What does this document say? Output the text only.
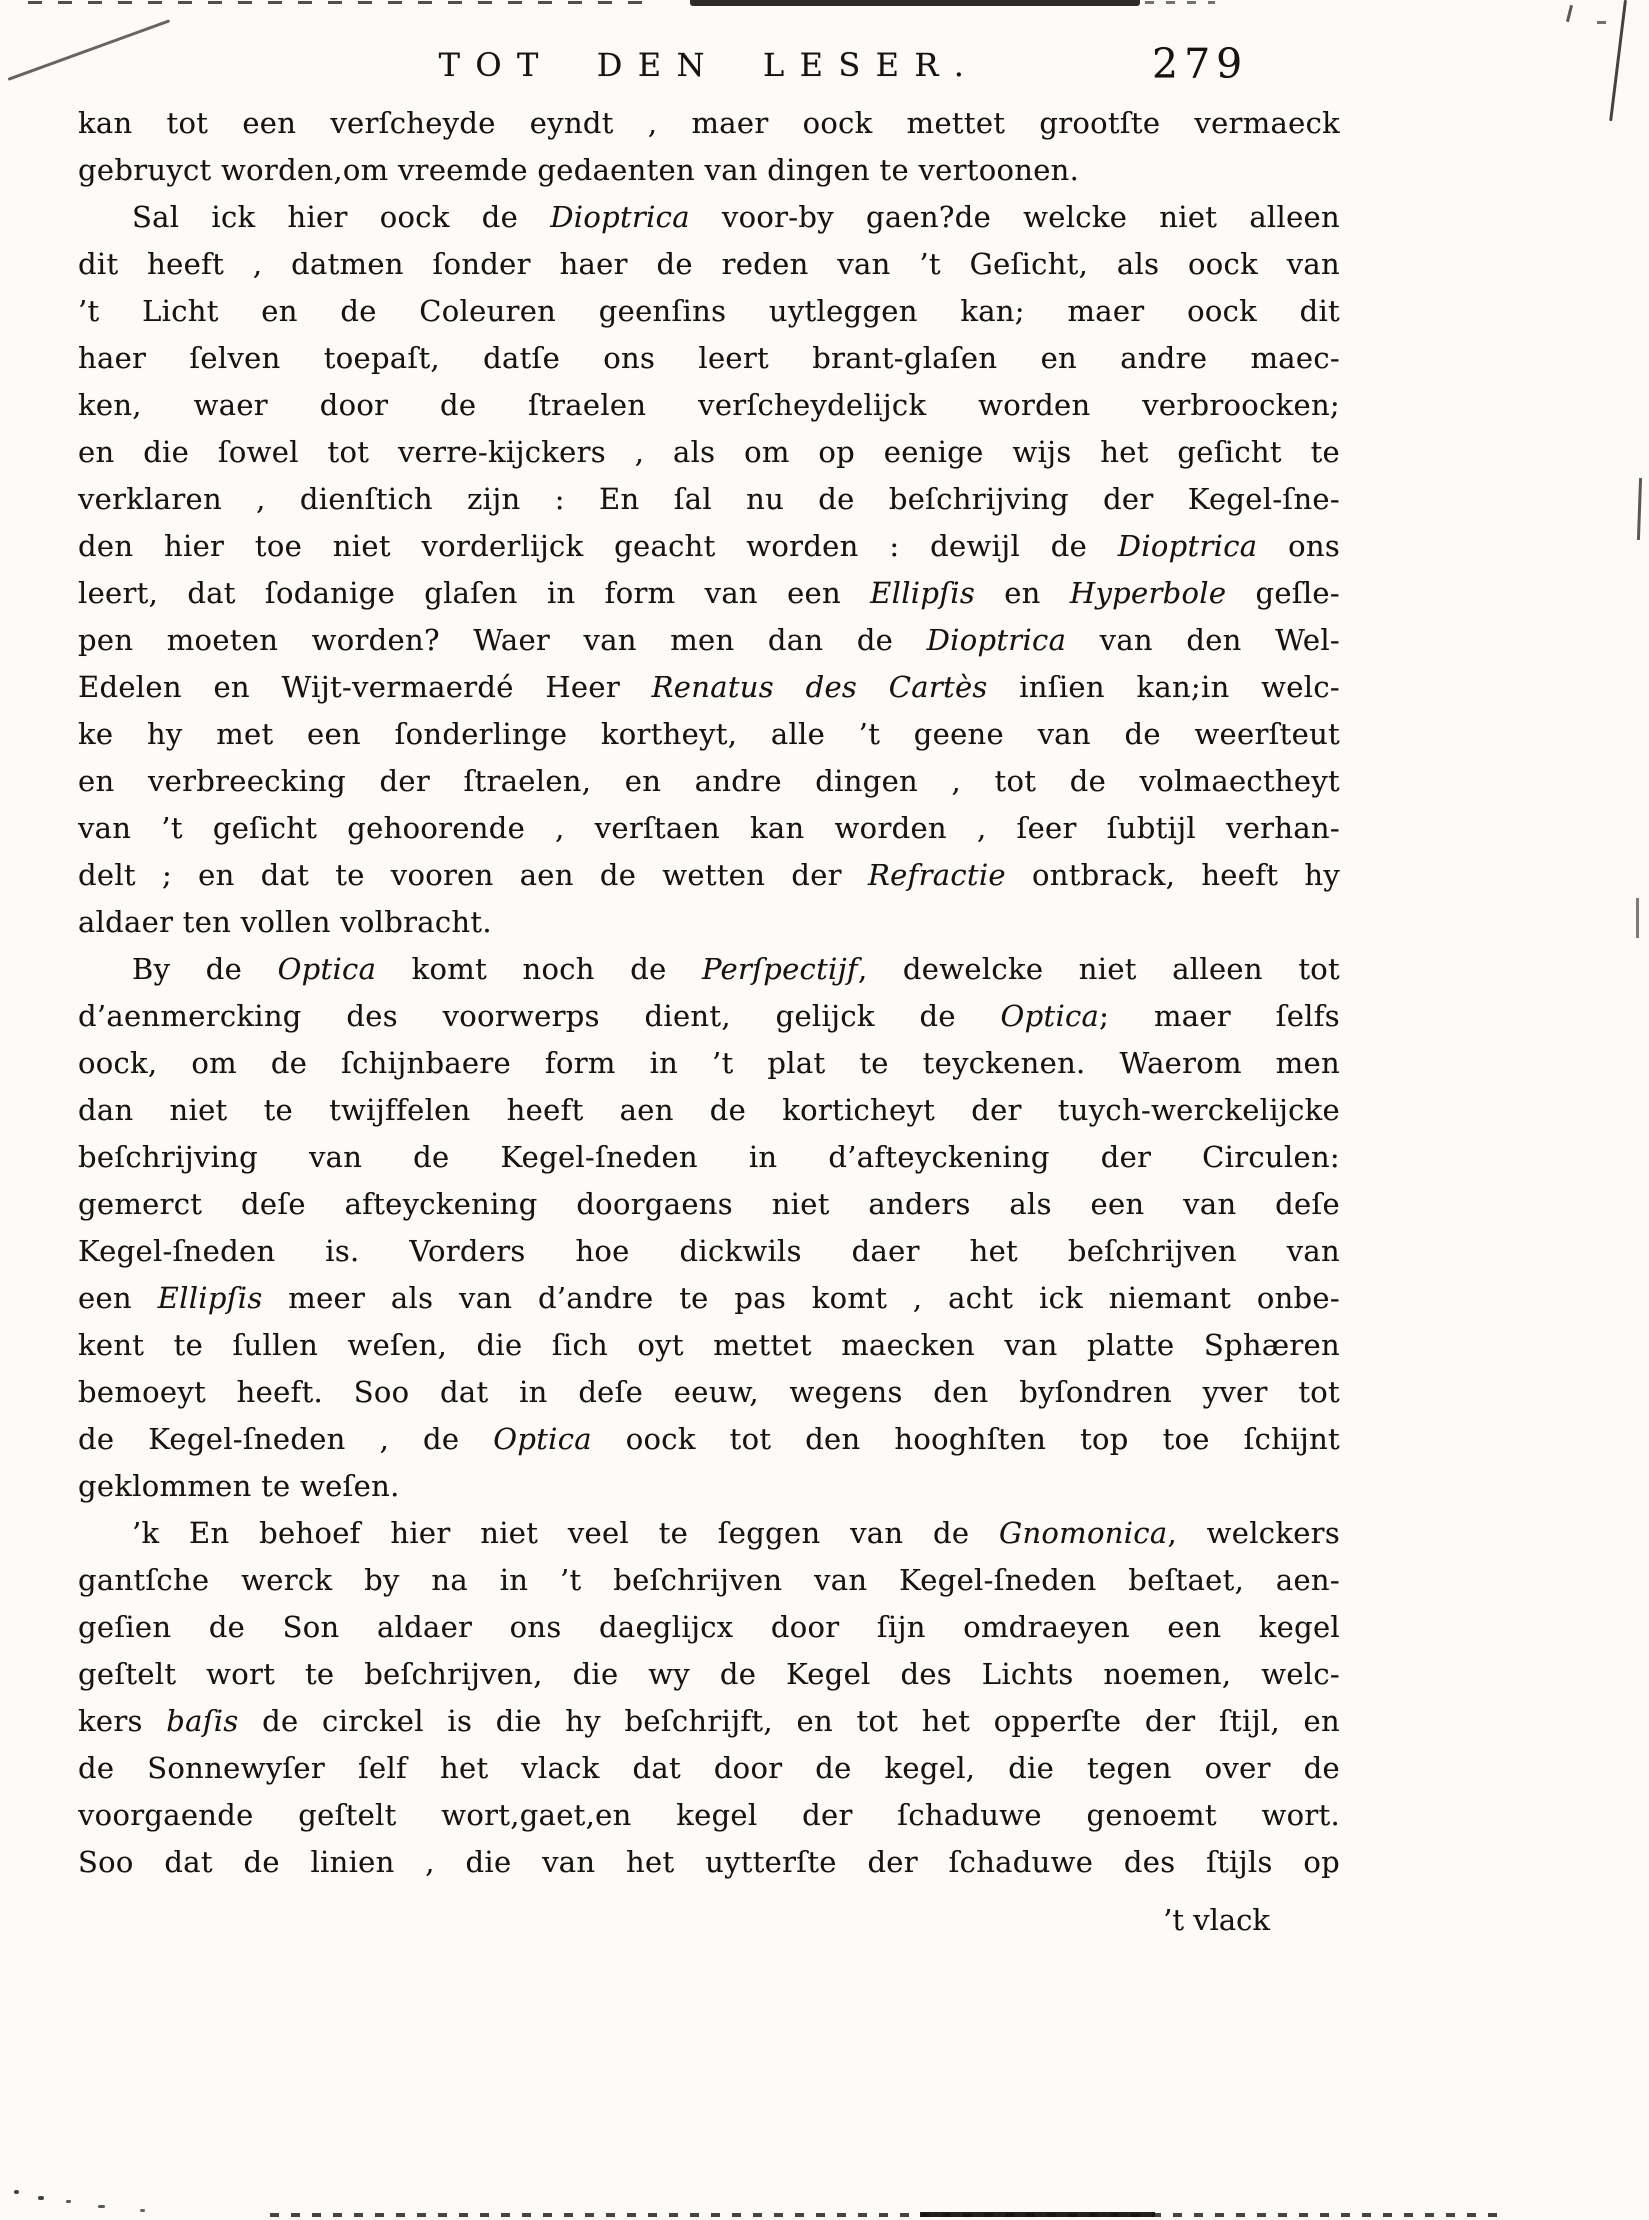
TOT DEN LESER.	279
kan tot een verſcheyde eyndt , maer oock mettet grootſte vermaeck
gebruyct worden,om vreemde gedaenten van dingen te vertoonen.
Sal ick hier oock de Dioptrica voor-by gaen?de welcke niet alleen
dit heeft , datmen ſonder haer de reden van ’t Geſicht, als oock van
’t Licht en de Coleuren geenſins uytleggen kan; maer oock dit
haer ſelven toepaſt, datſe ons leert brant-glaſen en andre maec-
ken, waer door de ſtraelen verſcheydelijck worden verbroocken;
en die ſowel tot verre-kijckers , als om op eenige wijs het geſicht te
verklaren , dienſtich zijn : En ſal nu de beſchrijving der Kegel-ſne-
den hier toe niet vorderlijck geacht worden : dewijl de Dioptrica ons
leert, dat ſodanige glaſen in form van een Ellipſis en Hyperbole geſle-
pen moeten worden? Waer van men dan de Dioptrica van den Wel-
Edelen en Wijt-vermaerdé Heer Renatus des Cartès inſien kan;in welc-
ke hy met een ſonderlinge kortheyt, alle ’t geene van de weerſteut
en verbreecking der ſtraelen, en andre dingen , tot de volmaectheyt
van ’t geſicht gehoorende , verſtaen kan worden , ſeer ſubtijl verhan-
delt ; en dat te vooren aen de wetten der Refractie ontbrack, heeft hy
aldaer ten vollen volbracht.
By de Optica komt noch de Perſpectijf, dewelcke niet alleen tot
d’aenmercking des voorwerps dient, gelijck de Optica; maer ſelfs
oock, om de ſchijnbaere form in ’t plat te teyckenen. Waerom men
dan niet te twijffelen heeft aen de korticheyt der tuych-werckelijcke
beſchrijving van de Kegel-ſneden in d’afteyckening der Circulen:
gemerct deſe afteyckening doorgaens niet anders als een van deſe
Kegel-ſneden is. Vorders hoe dickwils daer het beſchrijven van
een Ellipſis meer als van d’andre te pas komt , acht ick niemant onbe-
kent te ſullen weſen, die ſich oyt mettet maecken van platte Sphæren
bemoeyt heeft. Soo dat in deſe eeuw, wegens den byſondren yver tot
de Kegel-ſneden , de Optica oock tot den hooghſten top toe ſchijnt
geklommen te weſen.
’k En behoef hier niet veel te ſeggen van de Gnomonica, welckers
gantſche werck by na in ’t beſchrijven van Kegel-ſneden beſtaet, aen-
geſien de Son aldaer ons daeglijcx door ſijn omdraeyen een kegel
geſtelt wort te beſchrijven, die wy de Kegel des Lichts noemen, welc-
kers baſis de circkel is die hy beſchrijft, en tot het opperſte der ſtijl, en
de Sonnewyſer ſelf het vlack dat door de kegel, die tegen over de
voorgaende geſtelt wort,gaet,en kegel der ſchaduwe genoemt wort.
Soo dat de linien , die van het uytterſte der ſchaduwe des ſtijls op
’t vlack
